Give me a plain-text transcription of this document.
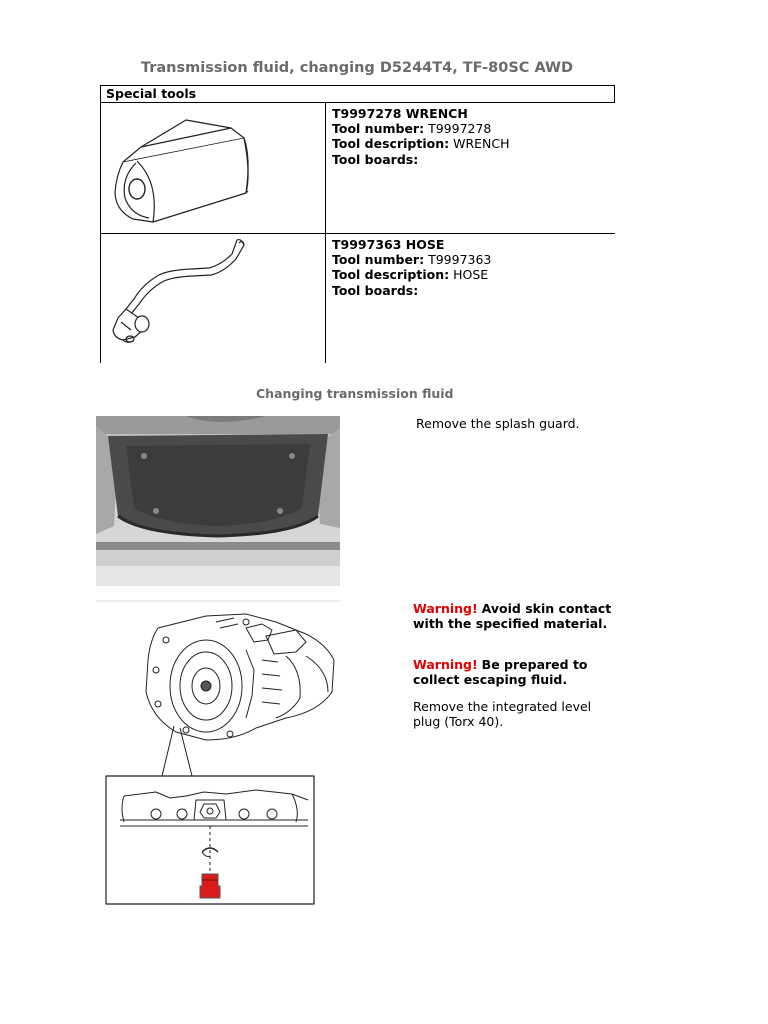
Transmission fluid, changing D5244T4, TF-80SC AWD
Special tools
T9997278 WRENCH
Tool number: T9997278
Tool description: WRENCH
Tool boards:
T9997363 HOSE
Tool number: T9997363
Tool description: HOSE
Tool boards:
Changing transmission fluid
Remove the splash guard.
Warning! Avoid skin contact with the specified material.
Warning! Be prepared to collect escaping fluid.
Remove the integrated level plug (Torx 40).
